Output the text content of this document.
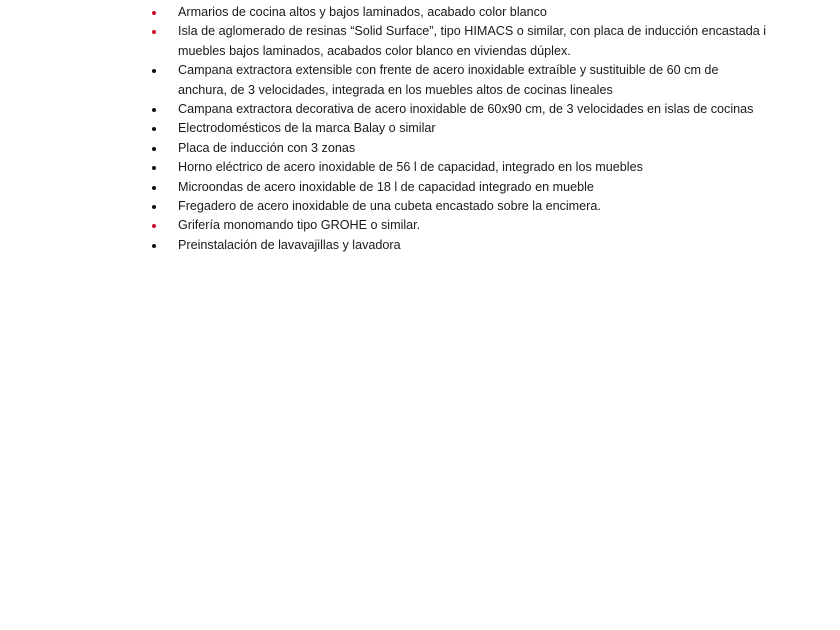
Armarios de cocina altos y bajos laminados, acabado color blanco
Isla de aglomerado de resinas “Solid Surface”, tipo HIMACS o similar, con placa de inducción encastada i muebles bajos laminados, acabados color blanco en viviendas dúplex.
Campana extractora extensible con frente de acero inoxidable extraíble y sustituible de 60 cm de anchura, de 3 velocidades, integrada en los muebles altos de cocinas lineales
Campana extractora decorativa de acero inoxidable de 60x90 cm, de 3 velocidades en islas de cocinas
Electrodomésticos de la marca Balay o similar
Placa de inducción con 3 zonas
Horno eléctrico de acero inoxidable de 56 l de capacidad, integrado en los muebles
Microondas de acero inoxidable de 18 l de capacidad integrado en mueble
Fregadero de acero inoxidable de una cubeta encastado sobre la encimera.
Grifería monomando tipo GROHE o similar.
Preinstalación de lavavajillas y lavadora
